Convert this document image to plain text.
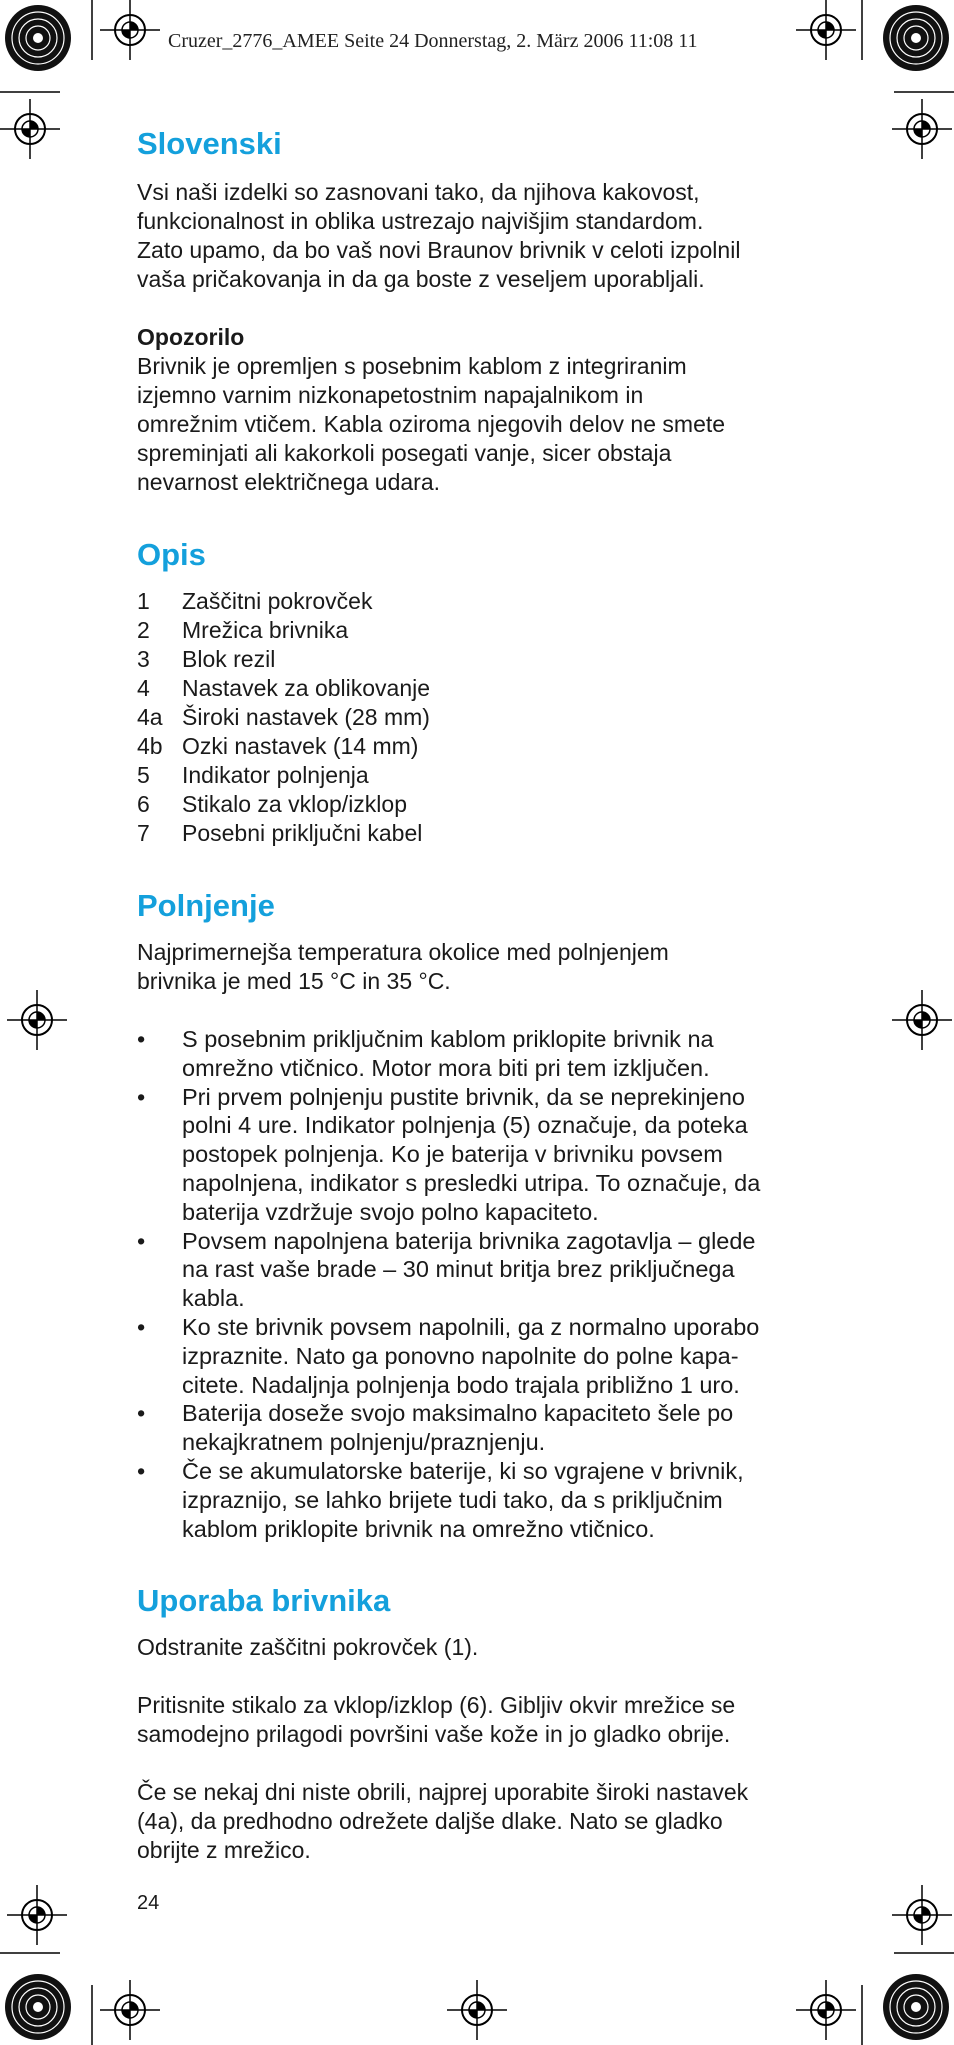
Cruzer_2776_AMEE Seite 24 Donnerstag, 2. März 2006 11:08 11
Slovenski

Vsi naši izdelki so zasnovani tako, da njihova kakovost,

funkcionalnost in oblika ustrezajo najvišjim standardom.

Zato upamo, da bo vaš novi Braunov brivnik v celoti izpolnil

vaša pričakovanja in da ga boste z veseljem uporabljali.

Opozorilo

Brivnik je opremljen s posebnim kablom z integriranim

izjemno varnim nizkonapetostnim napajalnikom in

omrežnim vtičem. Kabla oziroma njegovih delov ne smete

spreminjati ali kakorkoli posegati vanje, sicer obstaja

nevarnost električnega udara.

Opis
1	Zaščitni pokrovček
2	Mrežica brivnika
3	Blok rezil
4	Nastavek za oblikovanje
4a Široki nastavek (28 mm)
4b Ozki nastavek (14 mm)
5	Indikator polnjenja
6	Stikalo za vklop/izklop
7	Posebni priključni kabel
Polnjenje

Najprimernejša temperatura okolice med polnjenjem

brivnika je med 15 °C in 35 °C.

•	S posebnim priključnim kablom priklopite brivnik na
omrežno vtičnico. Motor mora biti pri tem izključen.
•	Pri prvem polnjenju pustite brivnik, da se neprekinjeno
polni 4 ure. Indikator polnjenja (5) označuje, da poteka
postopek polnjenja. Ko je baterija v brivniku povsem
napolnjena, indikator s presledki utripa. To označuje, da
baterija vzdržuje svojo polno kapaciteto.
•	Povsem napolnjena baterija brivnika zagotavlja – glede
na rast vaše brade – 30 minut britja brez priključnega
kabla.
•	Ko ste brivnik povsem napolnili, ga z normalno uporabo
izpraznite. Nato ga ponovno napolnite do polne kapa-
citete. Nadaljnja polnjenja bodo trajala približno 1 uro.
•	Baterija doseže svojo maksimalno kapaciteto šele po
nekajkratnem polnjenju/praznjenju.
•	Če se akumulatorske baterije, ki so vgrajene v brivnik,
izpraznijo, se lahko brijete tudi tako, da s priključnim
kablom priklopite brivnik na omrežno vtičnico.
Uporaba brivnika

Odstranite zaščitni pokrovček (1).

Pritisnite stikalo za vklop/izklop (6). Gibljiv okvir mrežice se

samodejno prilagodi površini vaše kože in jo gladko obrije.

Če se nekaj dni niste obrili, najprej uporabite široki nastavek

(4a), da predhodno odrežete daljše dlake. Nato se gladko

obrijte z mrežico.

24
